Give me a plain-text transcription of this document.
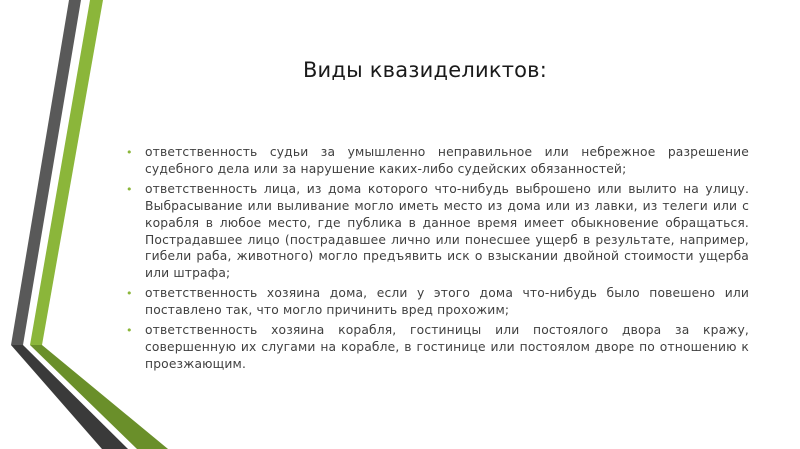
Виды квазиделиктов:
• ответственность судьи за умышленно неправильное или небрежное разрешение судебного дела или за нарушение каких-либо судейских обязанностей;
• ответственность лица, из дома которого что-нибудь выброшено или вылито на улицу. Выбрасывание или выливание могло иметь место из дома или из лавки, из телеги или с корабля в любое место, где публика в данное время имеет обыкновение обращаться. Пострадавшее лицо (пострадавшее лично или понесшее ущерб в результате, например, гибели раба, животного) могло предъявить иск о взыскании двойной стоимости ущерба или штрафа;
• ответственность хозяина дома, если у этого дома что-нибудь было повешено или поставлено так, что могло причинить вред прохожим;
• ответственность хозяина корабля, гостиницы или постоялого двора за кражу, совершенную их слугами на корабле, в гостинице или постоялом дворе по отношению к проезжающим.
